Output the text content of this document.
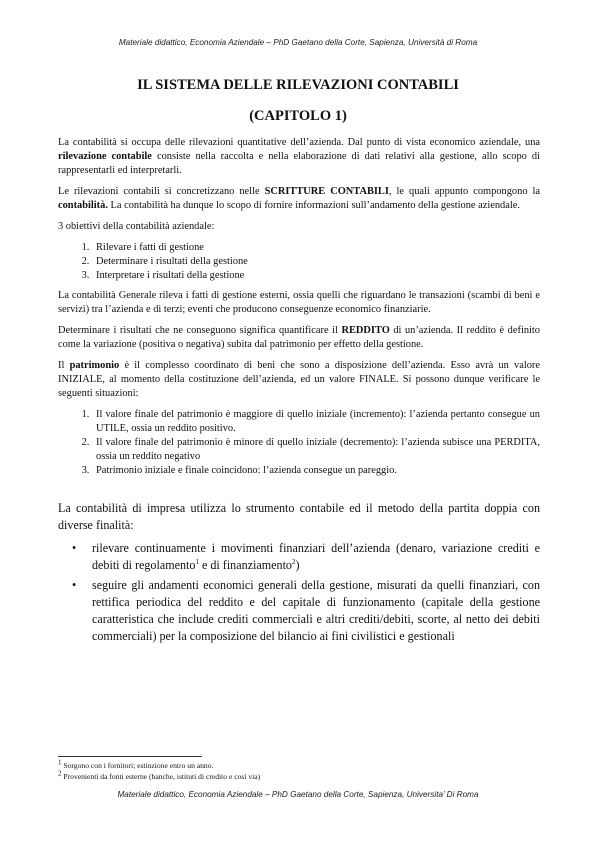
Materiale didattico, Economia Aziendale – PhD Gaetano della Corte, Sapienza, Università di Roma
IL SISTEMA DELLE RILEVAZIONI CONTABILI
(CAPITOLO 1)

La contabilità si occupa delle rilevazioni quantitative dell’azienda. Dal punto di vista economico aziendale, una rilevazione contabile consiste nella raccolta e nella elaborazione di dati relativi alla gestione, allo scopo di rappresentarli ed interpretarli.

Le rilevazioni contabili si concretizzano nelle SCRITTURE CONTABILI, le quali appunto compongono la contabilità. La contabilità ha dunque lo scopo di fornire informazioni sull’andamento della gestione aziendale.

3 obiettivi della contabilità aziendale:

1. Rilevare i fatti di gestione
2. Determinare i risultati della gestione
3. Interpretare i risultati della gestione

La contabilità Generale rileva i fatti di gestione esterni, ossia quelli che riguardano le transazioni (scambi di beni e servizi) tra l’azienda e di terzi; eventi che producono conseguenze economico finanziarie.

Determinare i risultati che ne conseguono significa quantificare il REDDITO di un’azienda. Il reddito è definito come la variazione (positiva o negativa) subita dal patrimonio per effetto della gestione.

Il patrimonio è il complesso coordinato di beni che sono a disposizione dell’azienda. Esso avrà un valore INIZIALE, al momento della costituzione dell’azienda, ed un valore FINALE. Si possono dunque verificare le seguenti situazioni:

1. Il valore finale del patrimonio è maggiore di quello iniziale (incremento): l’azienda pertanto consegue un UTILE, ossia un reddito positivo.
2. Il valore finale del patrimonio è minore di quello iniziale (decremento): l’azienda subisce una PERDITA, ossia un reddito negativo
3. Patrimonio iniziale e finale coincidono: l’azienda consegue un pareggio.

La contabilità di impresa utilizza lo strumento contabile ed il metodo della partita doppia con diverse finalità:

• rilevare continuamente i movimenti finanziari dell’azienda (denaro, variazione crediti e debiti di regolamento$^1$ e di finanziamento$^2$)
• seguire gli andamenti economici generali della gestione, misurati da quelli finanziari, con rettifica periodica del reddito e del capitale di funzionamento (capitale della gestione caratteristica che include crediti commerciali e altri crediti/debiti, scorte, al netto dei debiti commerciali) per la composizione del bilancio ai fini civilistici e gestionali
$^1$ Sorgono con i fornitori; estinzione entro un anno.
$^2$ Provenienti da fonti esterne (banche, istituti di credito e così via)
Materiale didattico, Economia Aziendale – PhD Gaetano della Corte, Sapienza, Universita’ Di Roma
